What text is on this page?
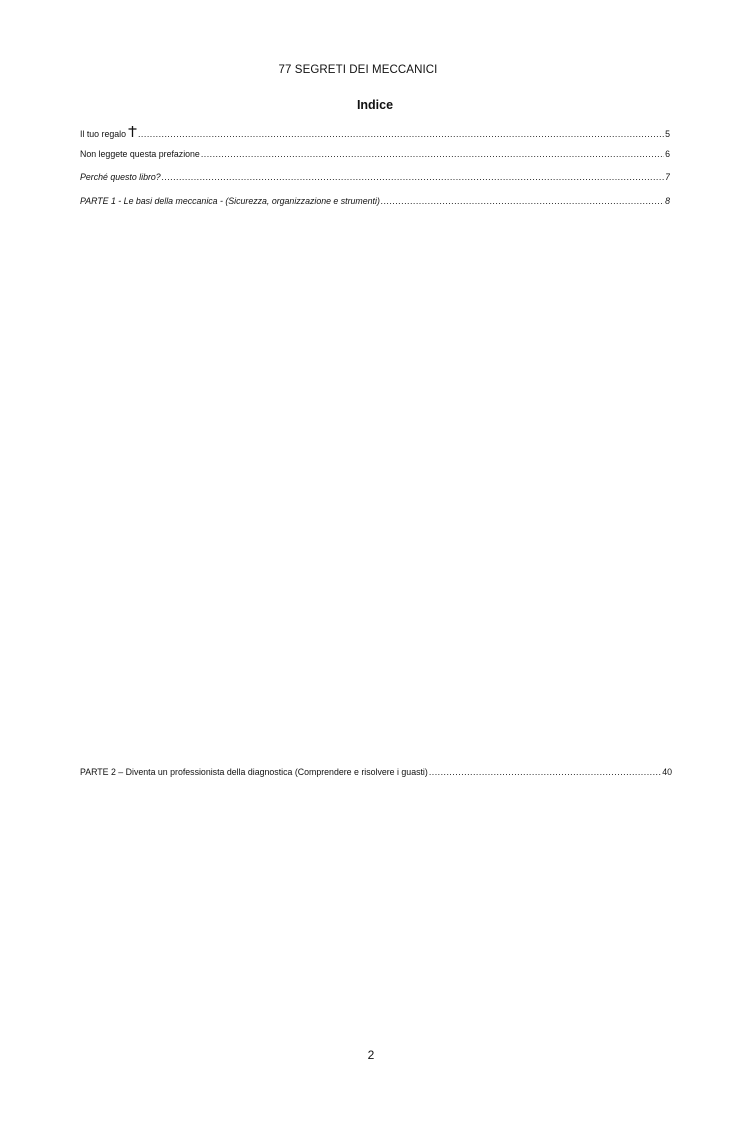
77 SEGRETI DEI MECCANICI
Indice
Il tuo regalo .....	5
Non leggete questa prefazione .....	6
Perché questo libro? .....	7
PARTE 1 - Le basi della meccanica - (Sicurezza, organizzazione e strumenti) .....	8
PARTE 2 – Diventa un professionista della diagnostica (Comprendere e risolvere i guasti) .....	40
2
